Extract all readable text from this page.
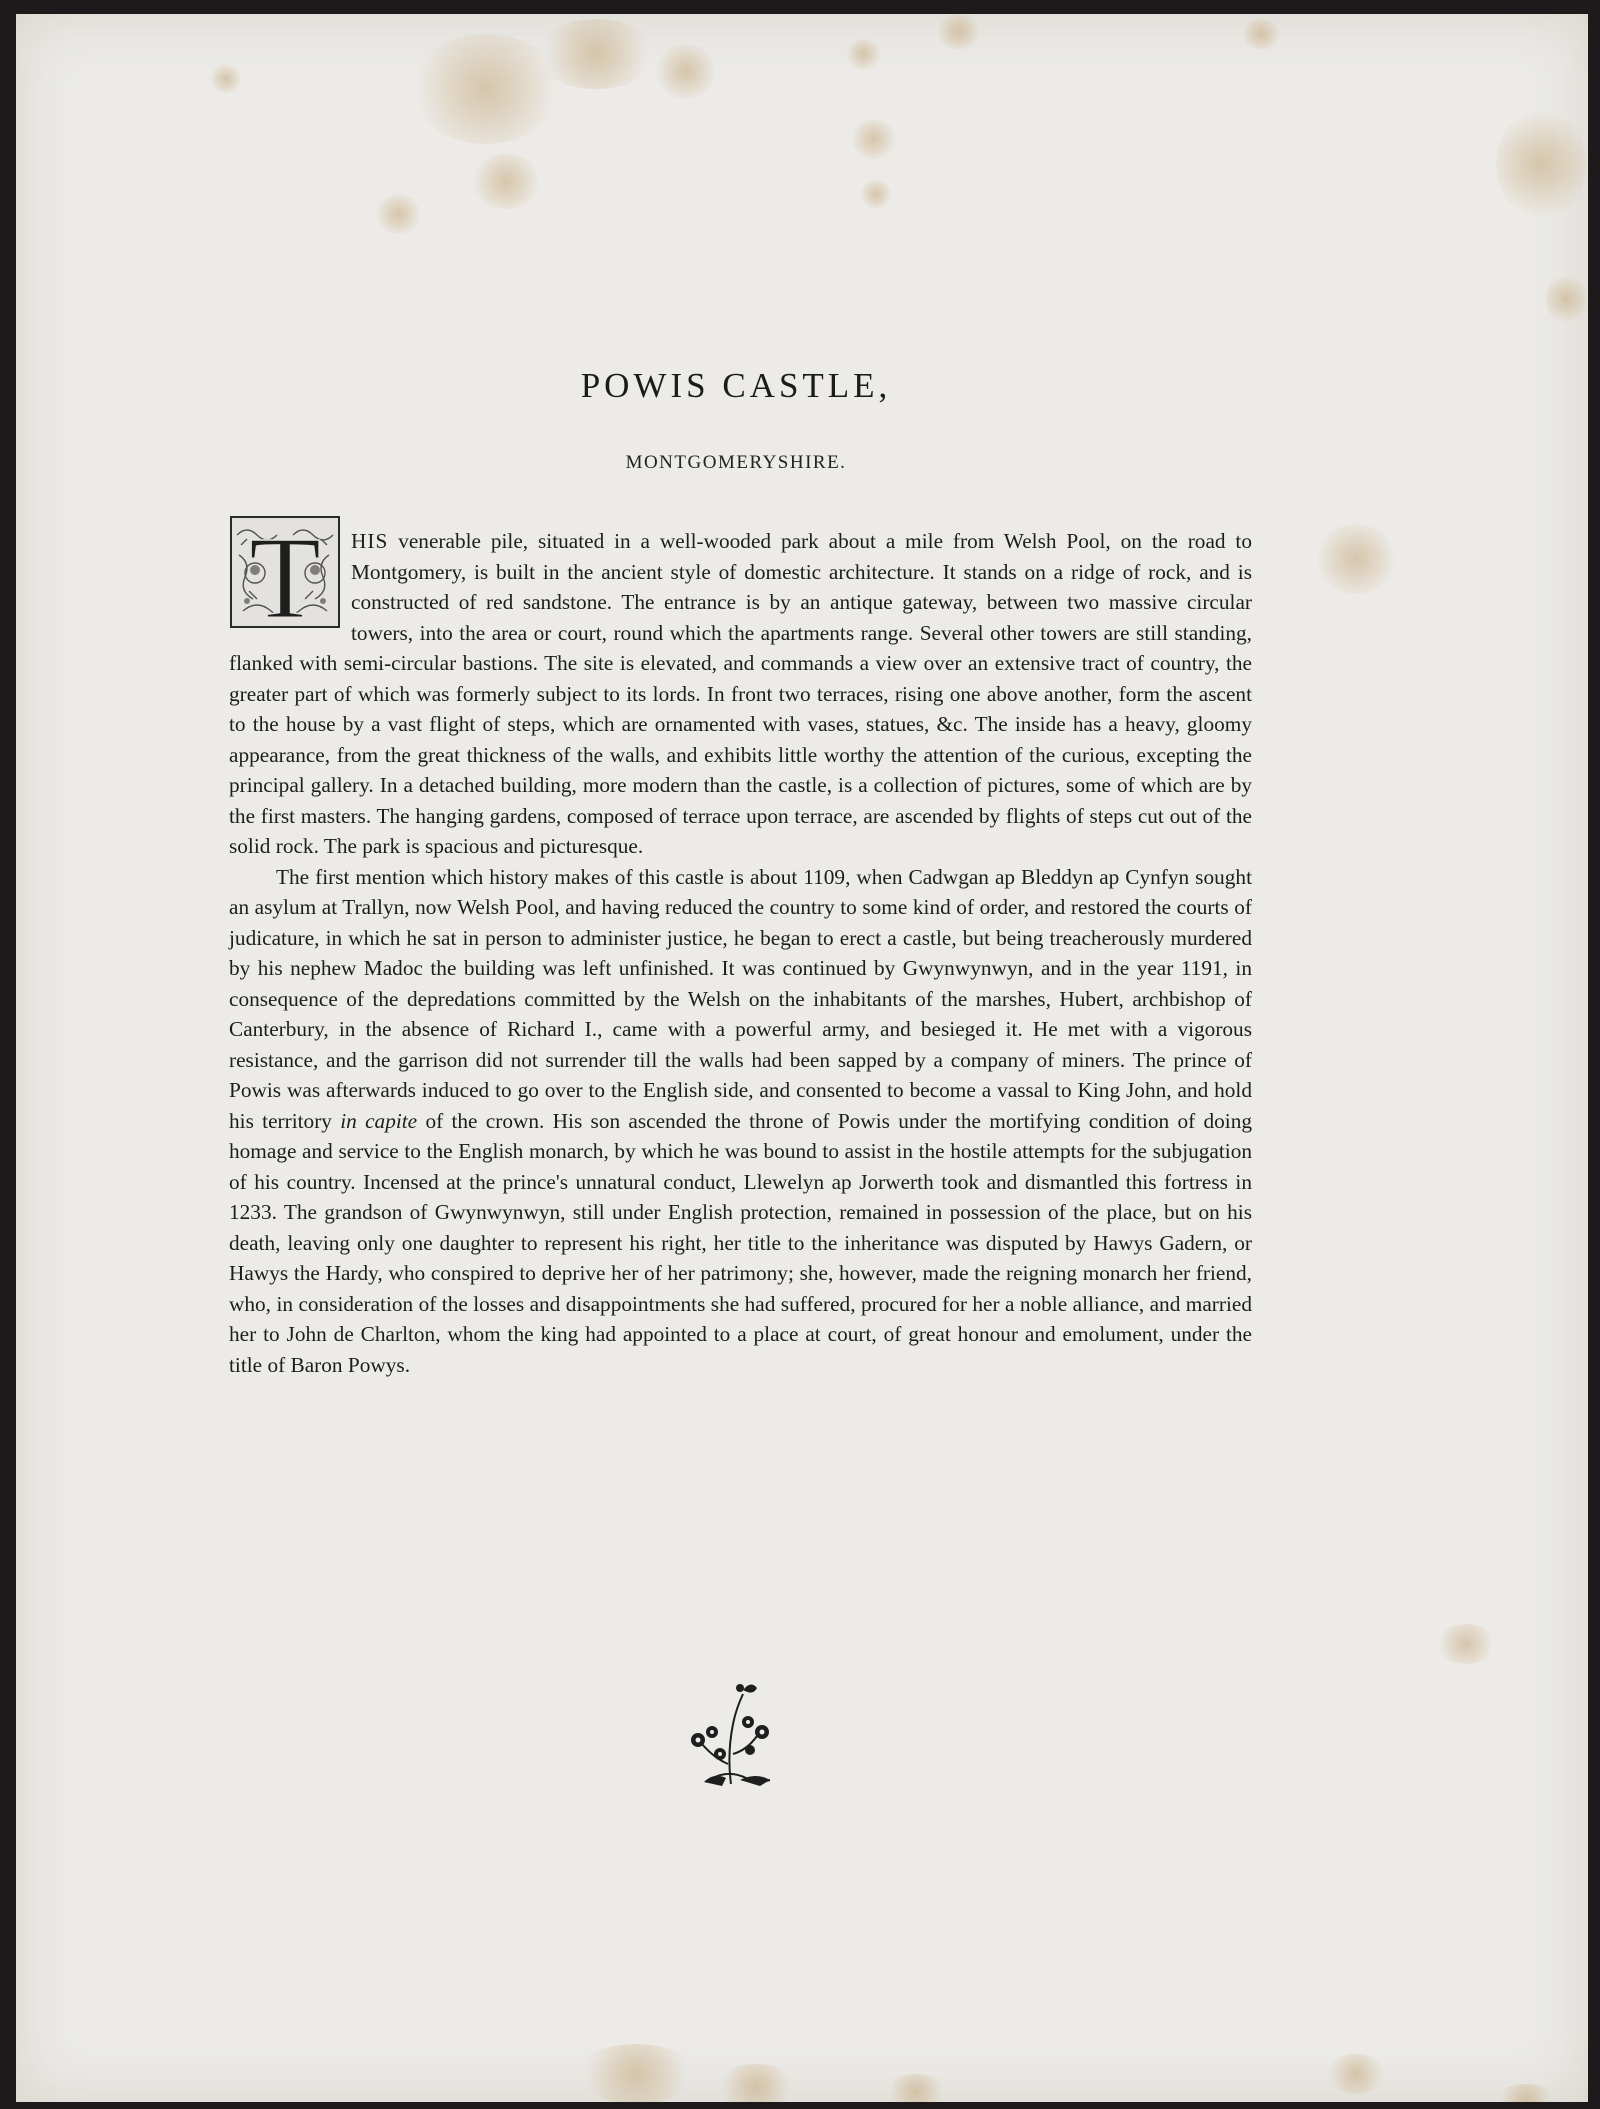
POWIS CASTLE,
MONTGOMERYSHIRE.

T HIS venerable pile, situated in a well-wooded park about a mile from Welsh Pool, on the road to Montgomery, is built in the ancient style of domestic architecture. It stands on a ridge of rock, and is constructed of red sandstone. The entrance is by an antique gateway, between two massive circular towers, into the area or court, round which the apartments range. Several other towers are still standing, flanked with semi-circular bastions. The site is elevated, and commands a view over an extensive tract of country, the greater part of which was formerly subject to its lords. In front two terraces, rising one above another, form the ascent to the house by a vast flight of steps, which are ornamented with vases, statues, &c. The inside has a heavy, gloomy appearance, from the great thickness of the walls, and exhibits little worthy the attention of the curious, excepting the principal gallery. In a detached building, more modern than the castle, is a collection of pictures, some of which are by the first masters. The hanging gardens, composed of terrace upon terrace, are ascended by flights of steps cut out of the solid rock. The park is spacious and picturesque.

The first mention which history makes of this castle is about 1109, when Cadwgan ap Bleddyn ap Cynfyn sought an asylum at Trallyn, now Welsh Pool, and having reduced the country to some kind of order, and restored the courts of judicature, in which he sat in person to administer justice, he began to erect a castle, but being treacherously murdered by his nephew Madoc the building was left unfinished. It was continued by Gwynwynwyn, and in the year 1191, in consequence of the depredations committed by the Welsh on the inhabitants of the marshes, Hubert, archbishop of Canterbury, in the absence of Richard I., came with a powerful army, and besieged it. He met with a vigorous resistance, and the garrison did not surrender till the walls had been sapped by a company of miners. The prince of Powis was afterwards induced to go over to the English side, and consented to become a vassal to King John, and hold his territory in capite of the crown. His son ascended the throne of Powis under the mortifying condition of doing homage and service to the English monarch, by which he was bound to assist in the hostile attempts for the subjugation of his country. Incensed at the prince's unnatural conduct, Llewelyn ap Jorwerth took and dismantled this fortress in 1233. The grandson of Gwynwynwyn, still under English protection, remained in possession of the place, but on his death, leaving only one daughter to represent his right, her title to the inheritance was disputed by Hawys Gadern, or Hawys the Hardy, who conspired to deprive her of her patrimony; she, however, made the reigning monarch her friend, who, in consideration of the losses and disappointments she had suffered, procured for her a noble alliance, and married her to John de Charlton, whom the king had appointed to a place at court, of great honour and emolument, under the title of Baron Powys.
